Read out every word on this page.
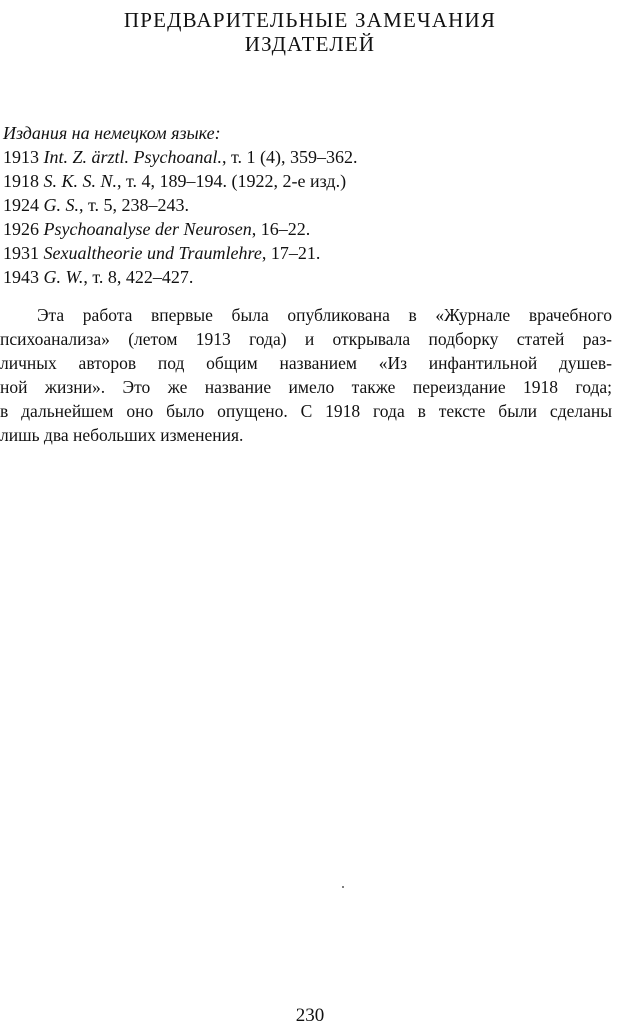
ПРЕДВАРИТЕЛЬНЫЕ ЗАМЕЧАНИЯ
ИЗДАТЕЛЕЙ
Издания на немецком языке:
1913 Int. Z. ärztl. Psychoanal., т. 1 (4), 359–362.
1918 S. K. S. N., т. 4, 189–194. (1922, 2-е изд.)
1924 G. S., т. 5, 238–243.
1926 Psychoanalyse der Neurosen, 16–22.
1931 Sexualtheorie und Traumlehre, 17–21.
1943 G. W., т. 8, 422–427.
Эта работа впервые была опубликована в «Журнале врачебного
психоанализа» (летом 1913 года) и открывала подборку статей раз-
личных авторов под общим названием «Из инфантильной душев-
ной жизни». Это же название имело также переиздание 1918 года;
в дальнейшем оно было опущено. С 1918 года в тексте были сделаны
лишь два небольших изменения.
230
